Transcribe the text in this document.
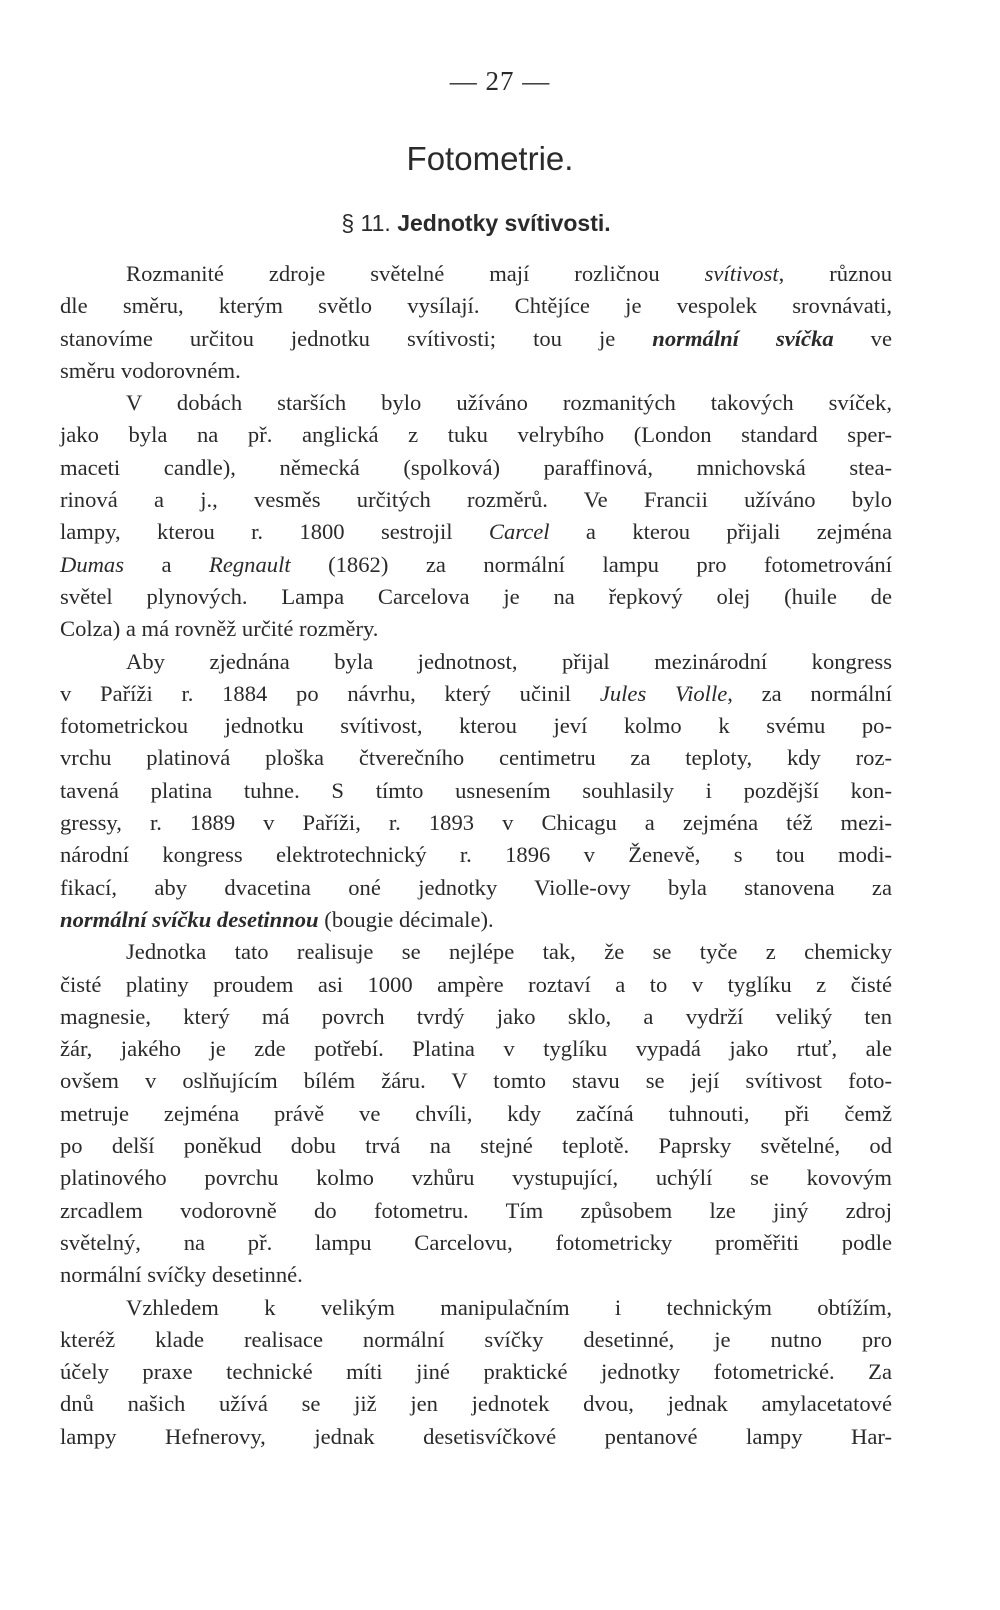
— 27 —
Fotometrie.
§ 11. Jednotky svítivosti.
Rozmanité zdroje světelné mají rozličnou svítivost, různou
dle směru, kterým světlo vysílají. Chtějíce je vespolek srovnávati,
stanovíme určitou jednotku svítivosti; tou je normální svíčka ve
směru vodorovném.
V dobách starších bylo užíváno rozmanitých takových svíček,
jako byla na př. anglická z tuku velrybího (London standard sper-
maceti candle), německá (spolková) paraffinová, mnichovská stea-
rinová a j., vesměs určitých rozměrů. Ve Francii užíváno bylo
lampy, kterou r. 1800 sestrojil Carcel a kterou přijali zejména
Dumas a Regnault (1862) za normální lampu pro fotometrování
světel plynových. Lampa Carcelova je na řepkový olej (huile de
Colza) a má rovněž určité rozměry.
Aby zjednána byla jednotnost, přijal mezinárodní kongress
v Paříži r. 1884 po návrhu, který učinil Jules Violle, za normální
fotometrickou jednotku svítivost, kterou jeví kolmo k svému po-
vrchu platinová ploška čtverečního centimetru za teploty, kdy roz-
tavená platina tuhne. S tímto usnesením souhlasily i pozdější kon-
gressy, r. 1889 v Paříži, r. 1893 v Chicagu a zejména též mezi-
národní kongress elektrotechnický r. 1896 v Ženevě, s tou modi-
fikací, aby dvacetina oné jednotky Violle-ovy byla stanovena za
normální svíčku desetinnou (bougie décimale).
Jednotka tato realisuje se nejlépe tak, že se tyče z chemicky
čisté platiny proudem asi 1000 ampère roztaví a to v tyglíku z čisté
magnesie, který má povrch tvrdý jako sklo, a vydrží veliký ten
žár, jakého je zde potřebí. Platina v tyglíku vypadá jako rtuť, ale
ovšem v oslňujícím bílém žáru. V tomto stavu se její svítivost foto-
metruje zejména právě ve chvíli, kdy začíná tuhnouti, při čemž
po delší poněkud dobu trvá na stejné teplotě. Paprsky světelné, od
platinového povrchu kolmo vzhůru vystupující, uchýlí se kovovým
zrcadlem vodorovně do fotometru. Tím způsobem lze jiný zdroj
světelný, na př. lampu Carcelovu, fotometricky proměřiti podle
normální svíčky desetinné.
Vzhledem k velikým manipulačním i technickým obtížím,
kteréž klade realisace normální svíčky desetinné, je nutno pro
účely praxe technické míti jiné praktické jednotky fotometrické. Za
dnů našich užívá se již jen jednotek dvou, jednak amylacetatové
lampy Hefnerovy, jednak desetisvíčkové pentanové lampy Har-
